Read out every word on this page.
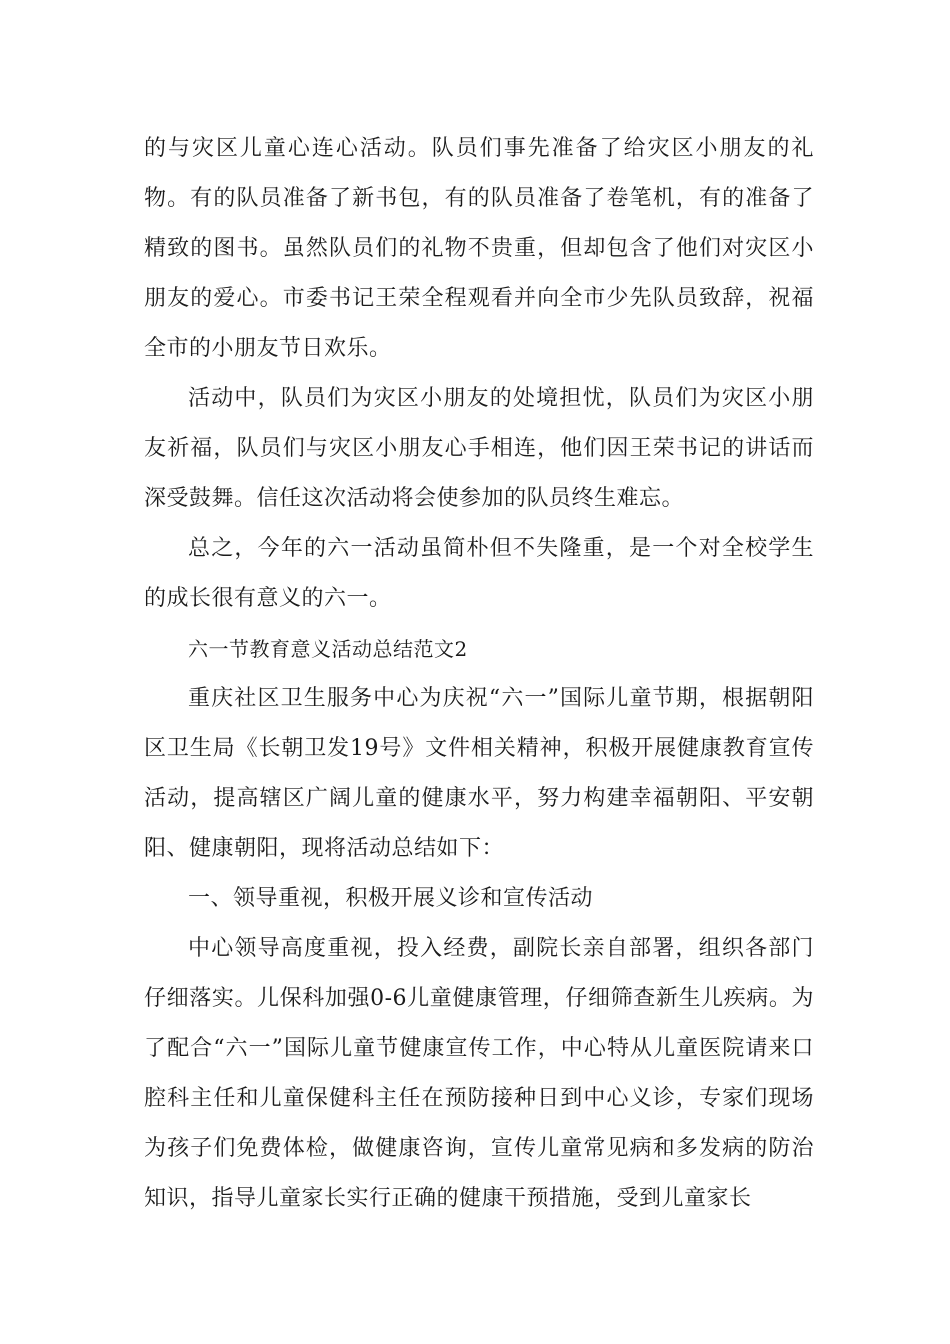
的与灾区儿童心连心活动。队员们事先准备了给灾区小朋友的礼物。有的队员准备了新书包，有的队员准备了卷笔机，有的准备了精致的图书。虽然队员们的礼物不贵重，但却包含了他们对灾区小朋友的爱心。市委书记王荣全程观看并向全市少先队员致辞，祝福全市的小朋友节日欢乐。

活动中，队员们为灾区小朋友的处境担忧，队员们为灾区小朋友祈福，队员们与灾区小朋友心手相连，他们因王荣书记的讲话而深受鼓舞。信任这次活动将会使参加的队员终生难忘。

总之，今年的六一活动虽简朴但不失隆重，是一个对全校学生的成长很有意义的六一。

六一节教育意义活动总结范文2

重庆社区卫生服务中心为庆祝“六一”国际儿童节期，根据朝阳区卫生局《长朝卫发19号》文件相关精神，积极开展健康教育宣传活动，提高辖区广阔儿童的健康水平，努力构建幸福朝阳、平安朝阳、健康朝阳，现将活动总结如下：

一、领导重视，积极开展义诊和宣传活动

中心领导高度重视，投入经费，副院长亲自部署，组织各部门仔细落实。儿保科加强0-6儿童健康管理，仔细筛查新生儿疾病。为了配合“六一”国际儿童节健康宣传工作，中心特从儿童医院请来口腔科主任和儿童保健科主任在预防接种日到中心义诊，专家们现场为孩子们免费体检，做健康咨询，宣传儿童常见病和多发病的防治知识，指导儿童家长实行正确的健康干预措施，受到儿童家长
